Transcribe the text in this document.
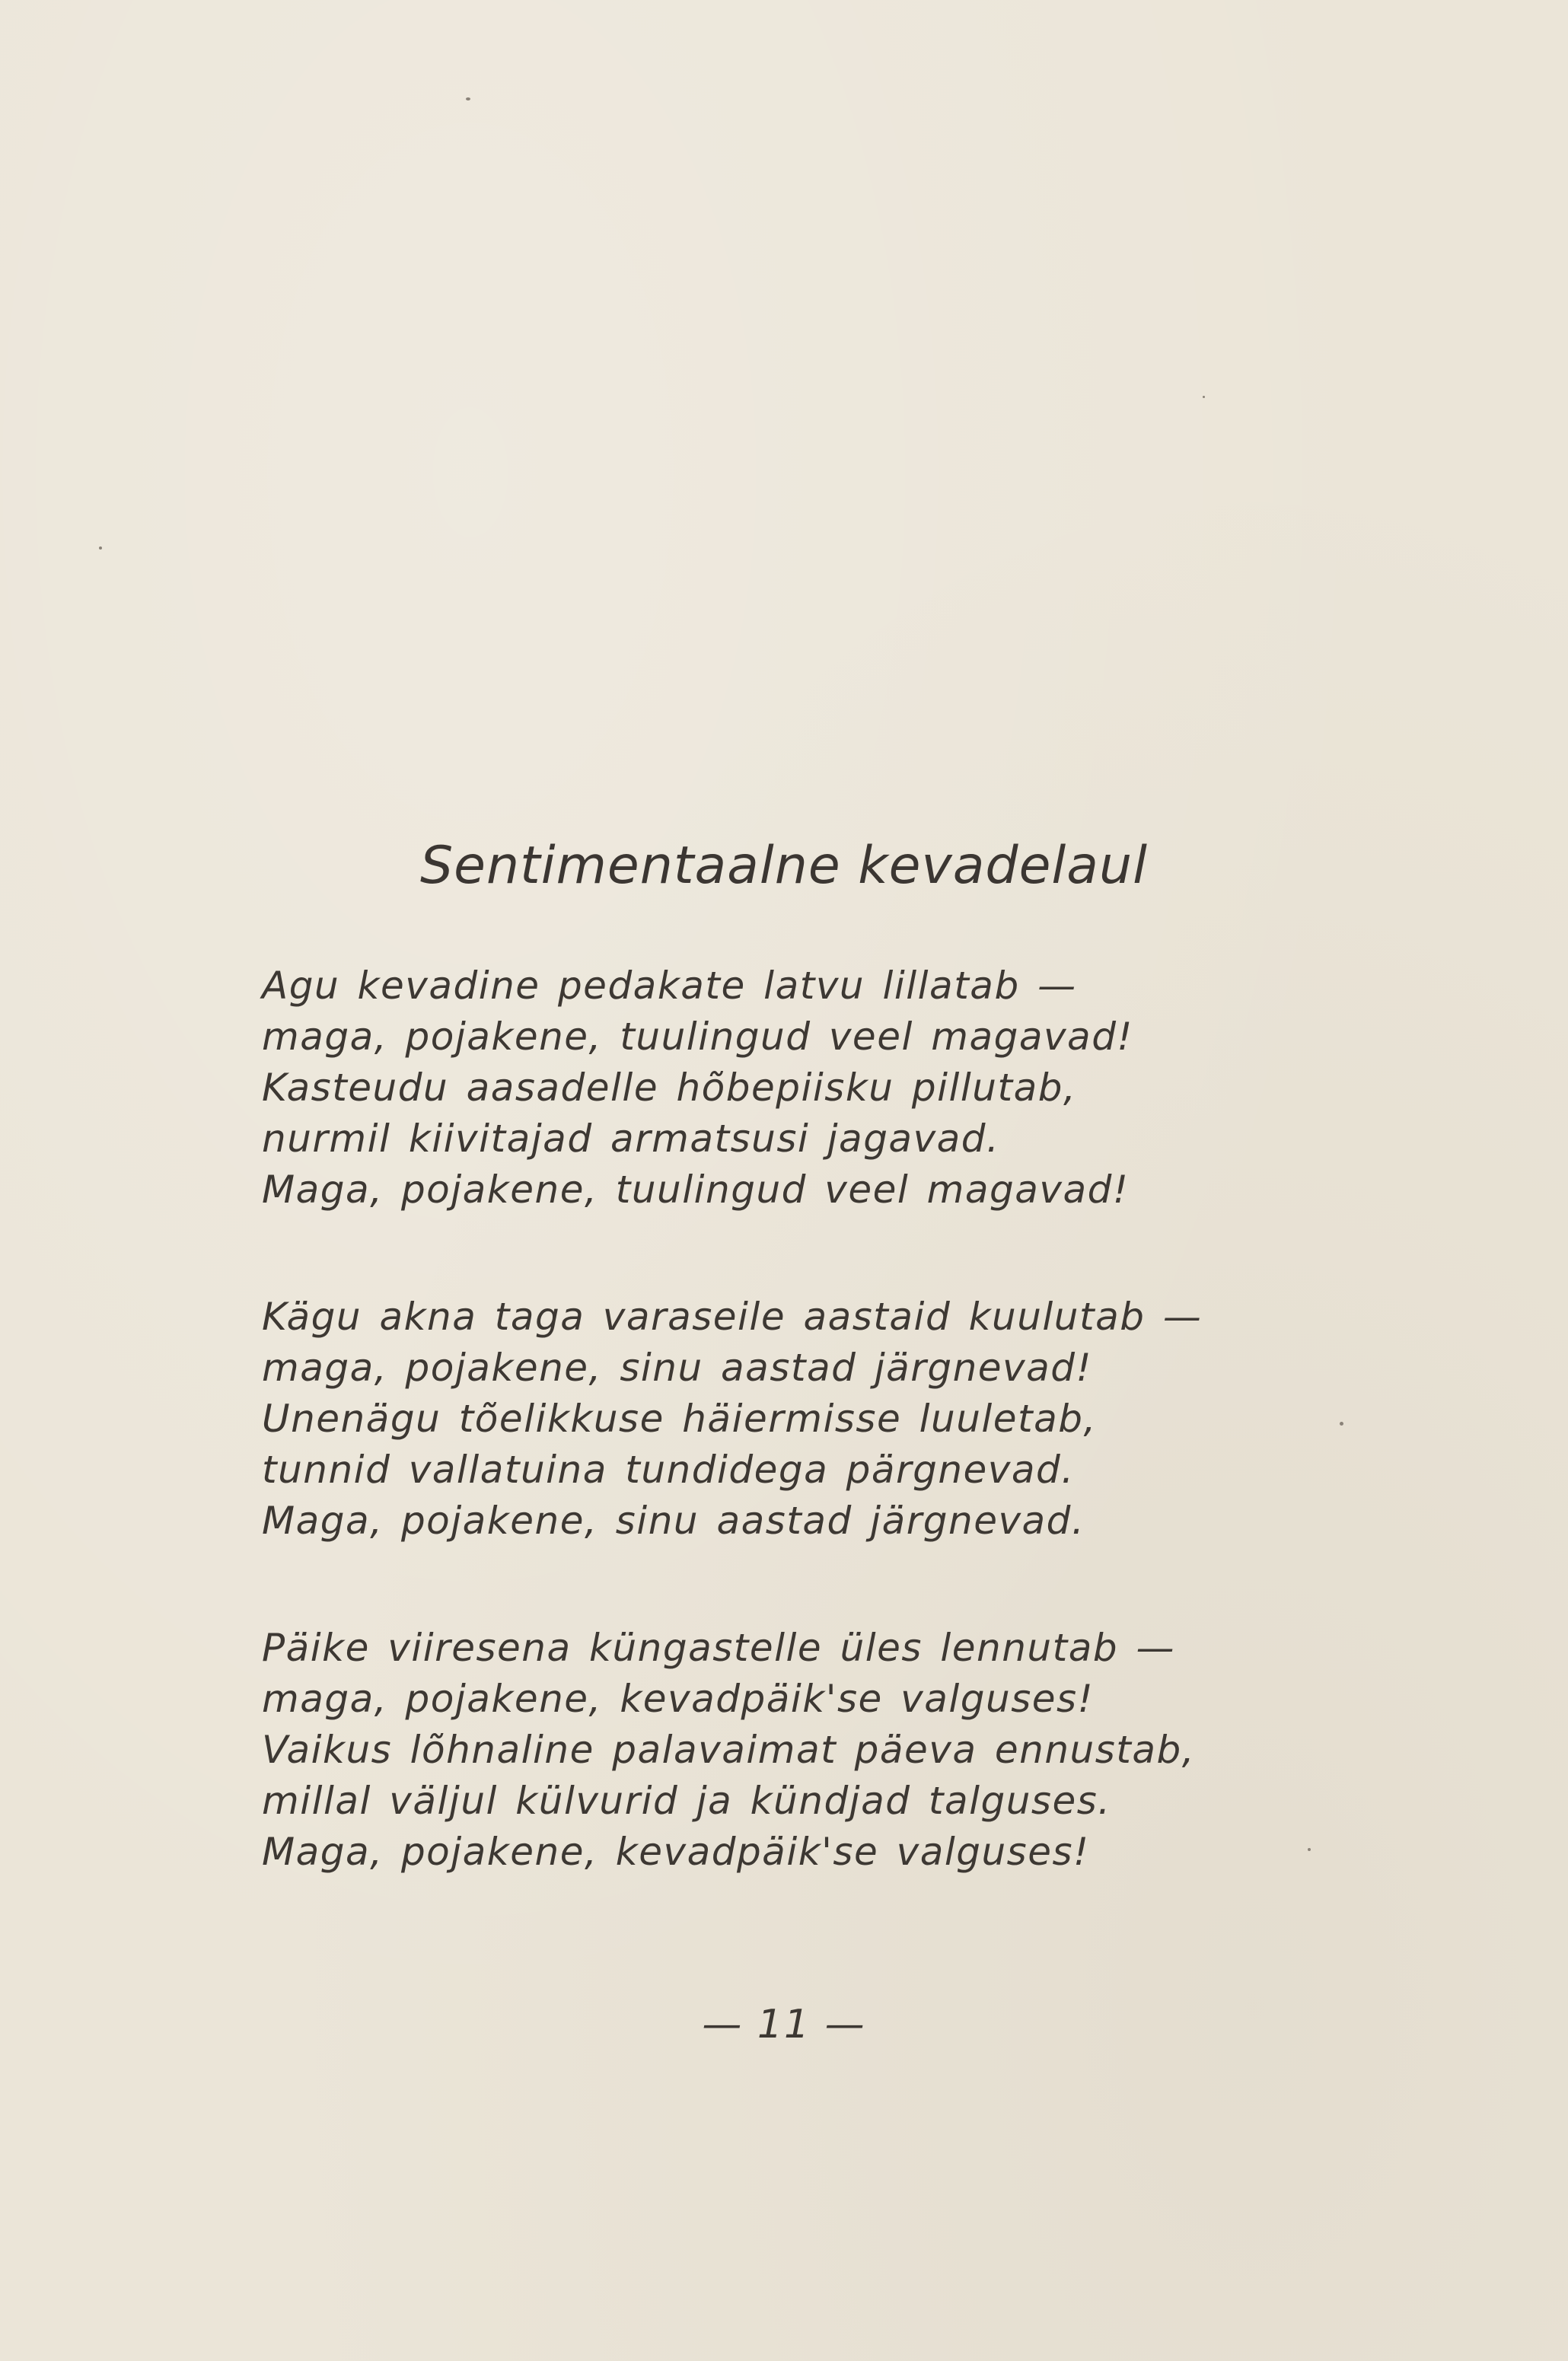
Sentimentaalne kevadelaul
Agu kevadine pedakate latvu lillatab —
maga, pojakene, tuulingud veel magavad!
Kasteudu aasadelle hõbepiisku pillutab,
nurmil kiivitajad armatsusi jagavad.
Maga, pojakene, tuulingud veel magavad!
Kägu akna taga varaseile aastaid kuulutab —
maga, pojakene, sinu aastad järgnevad!
Unenägu tõelikkuse häiermisse luuletab,
tunnid vallatuina tundidega pärgnevad.
Maga, pojakene, sinu aastad järgnevad.
Päike viiresena küngastelle üles lennutab —
maga, pojakene, kevadpäik'se valguses!
Vaikus lõhnaline palavaimat päeva ennustab,
millal väljul külvurid ja kündjad talguses.
Maga, pojakene, kevadpäik'se valguses!
— 11 —
